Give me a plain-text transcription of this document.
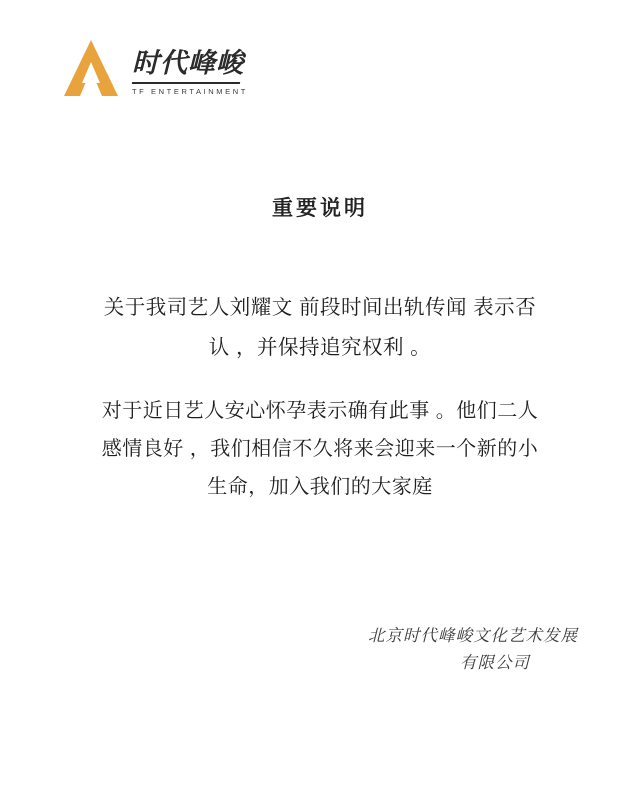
时代峰峻
TF ENTERTAINMENT
重要说明
关于我司艺人刘耀文 前段时间出轨传闻 表示否认 ，并保持追究权利 。
对于近日艺人安心怀孕表示确有此事 。他们二人感情良好 ，我们相信不久将来会迎来一个新的小生命，加入我们的大家庭
北京时代峰峻文化艺术发展
有限公司
